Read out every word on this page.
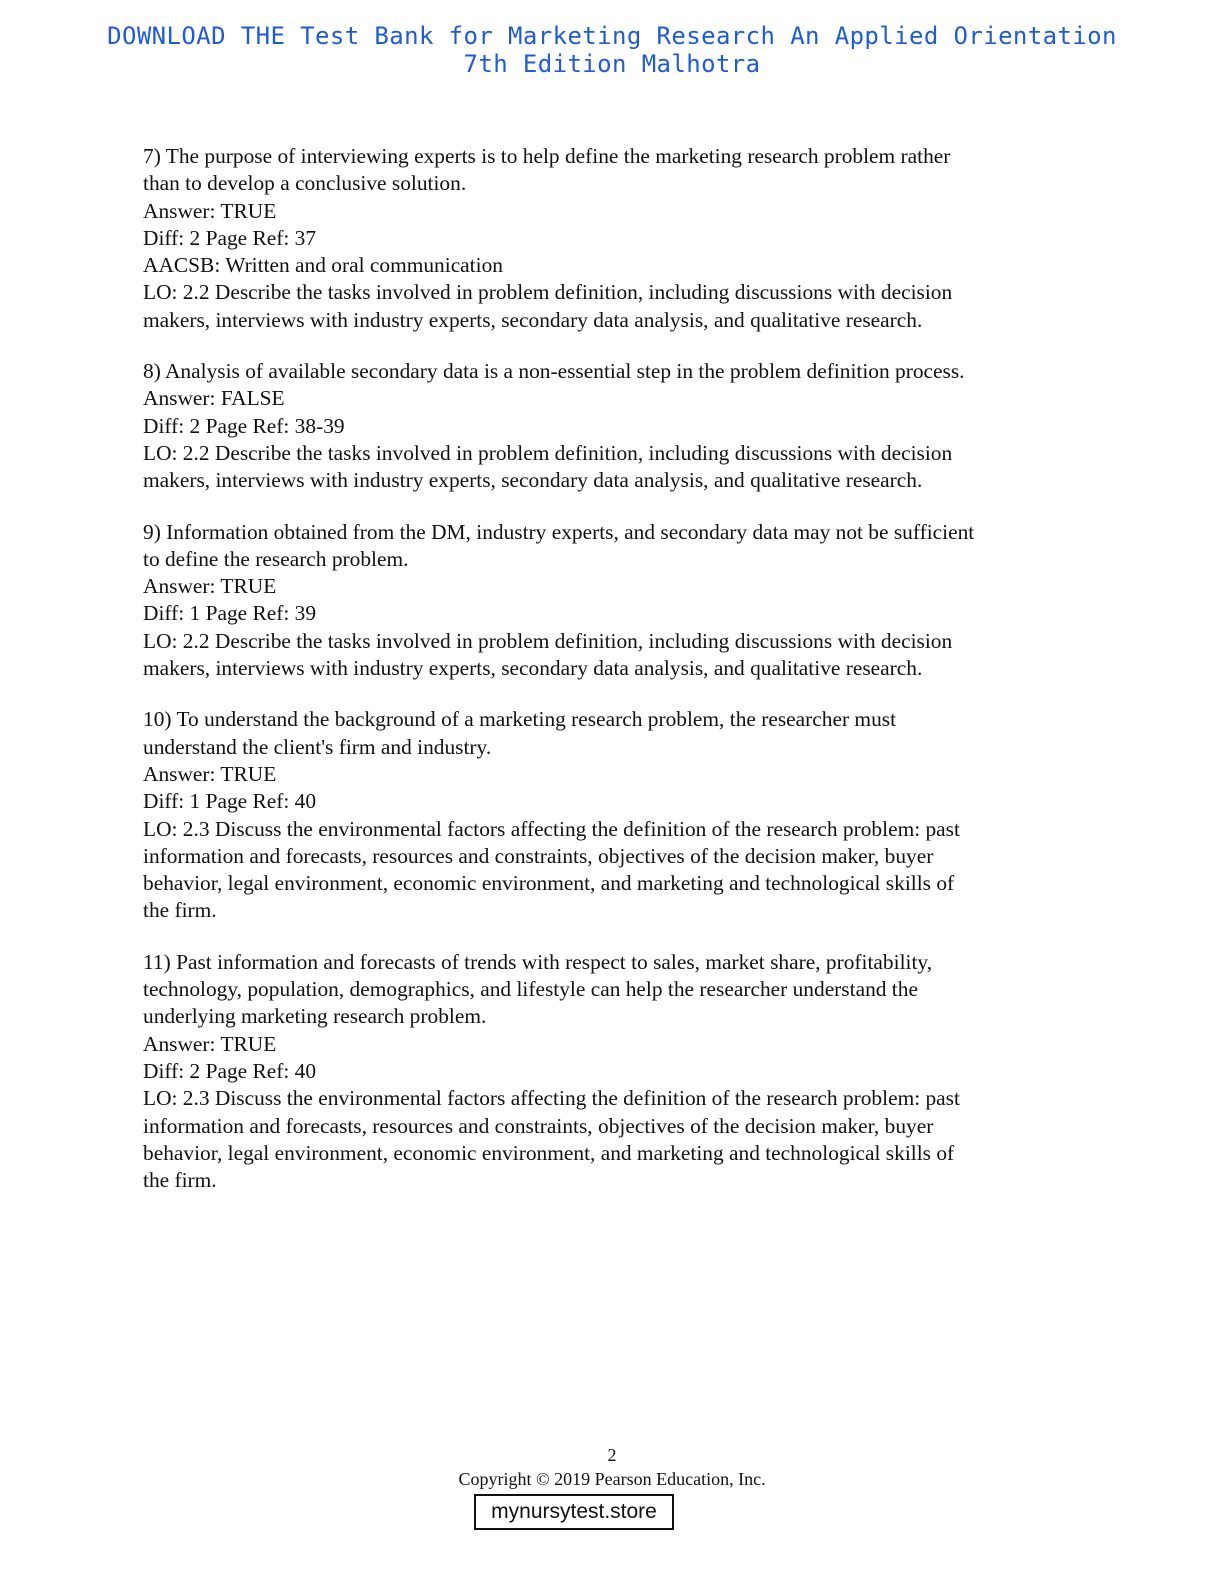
DOWNLOAD THE Test Bank for Marketing Research An Applied Orientation
7th Edition Malhotra

7) The purpose of interviewing experts is to help define the marketing research problem rather

than to develop a conclusive solution.

Answer: TRUE

Diff: 2 Page Ref: 37

AACSB: Written and oral communication

LO: 2.2 Describe the tasks involved in problem definition, including discussions with decision

makers, interviews with industry experts, secondary data analysis, and qualitative research.

8) Analysis of available secondary data is a non-essential step in the problem definition process.

Answer: FALSE

Diff: 2 Page Ref: 38-39

LO: 2.2 Describe the tasks involved in problem definition, including discussions with decision

makers, interviews with industry experts, secondary data analysis, and qualitative research.

9) Information obtained from the DM, industry experts, and secondary data may not be sufficient

to define the research problem.

Answer: TRUE

Diff: 1 Page Ref: 39

LO: 2.2 Describe the tasks involved in problem definition, including discussions with decision

makers, interviews with industry experts, secondary data analysis, and qualitative research.

10) To understand the background of a marketing research problem, the researcher must

understand the client's firm and industry.

Answer: TRUE

Diff: 1 Page Ref: 40

LO: 2.3 Discuss the environmental factors affecting the definition of the research problem: past

information and forecasts, resources and constraints, objectives of the decision maker, buyer

behavior, legal environment, economic environment, and marketing and technological skills of

the firm.

11) Past information and forecasts of trends with respect to sales, market share, profitability,

technology, population, demographics, and lifestyle can help the researcher understand the

underlying marketing research problem.

Answer: TRUE

Diff: 2 Page Ref: 40

LO: 2.3 Discuss the environmental factors affecting the definition of the research problem: past

information and forecasts, resources and constraints, objectives of the decision maker, buyer

behavior, legal environment, economic environment, and marketing and technological skills of

the firm.

2
Copyright © 2019 Pearson Education, Inc.
mynursytest.store
